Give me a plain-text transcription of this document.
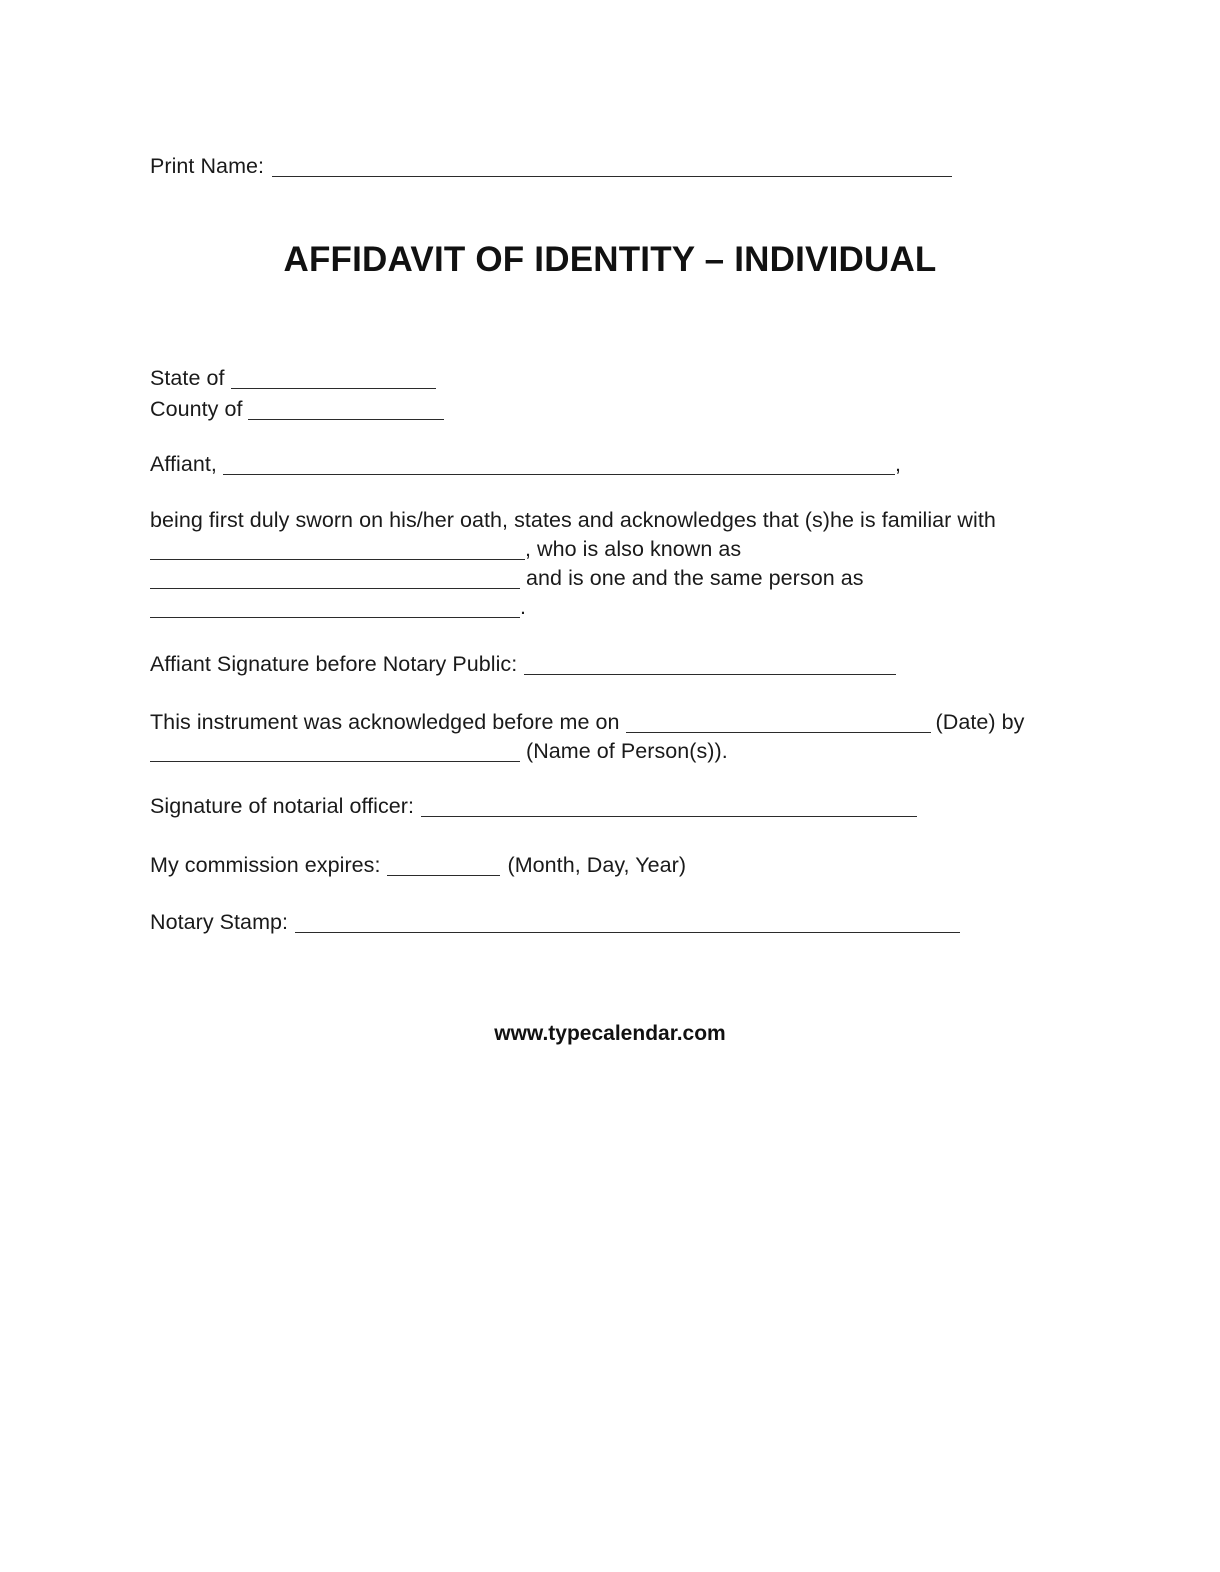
Print Name:
AFFIDAVIT OF IDENTITY – INDIVIDUAL
State of
County of
Affiant,	,
being first duly sworn on his/her oath, states and acknowledges that (s)he is familiar with
, who is also known as
and is one and the same person as
.
Affiant Signature before Notary Public:
This instrument was acknowledged before me on	(Date) by
(Name of Person(s)).
Signature of notarial officer:
My commission expires:	(Month, Day, Year)
Notary Stamp:
www.typecalendar.com
